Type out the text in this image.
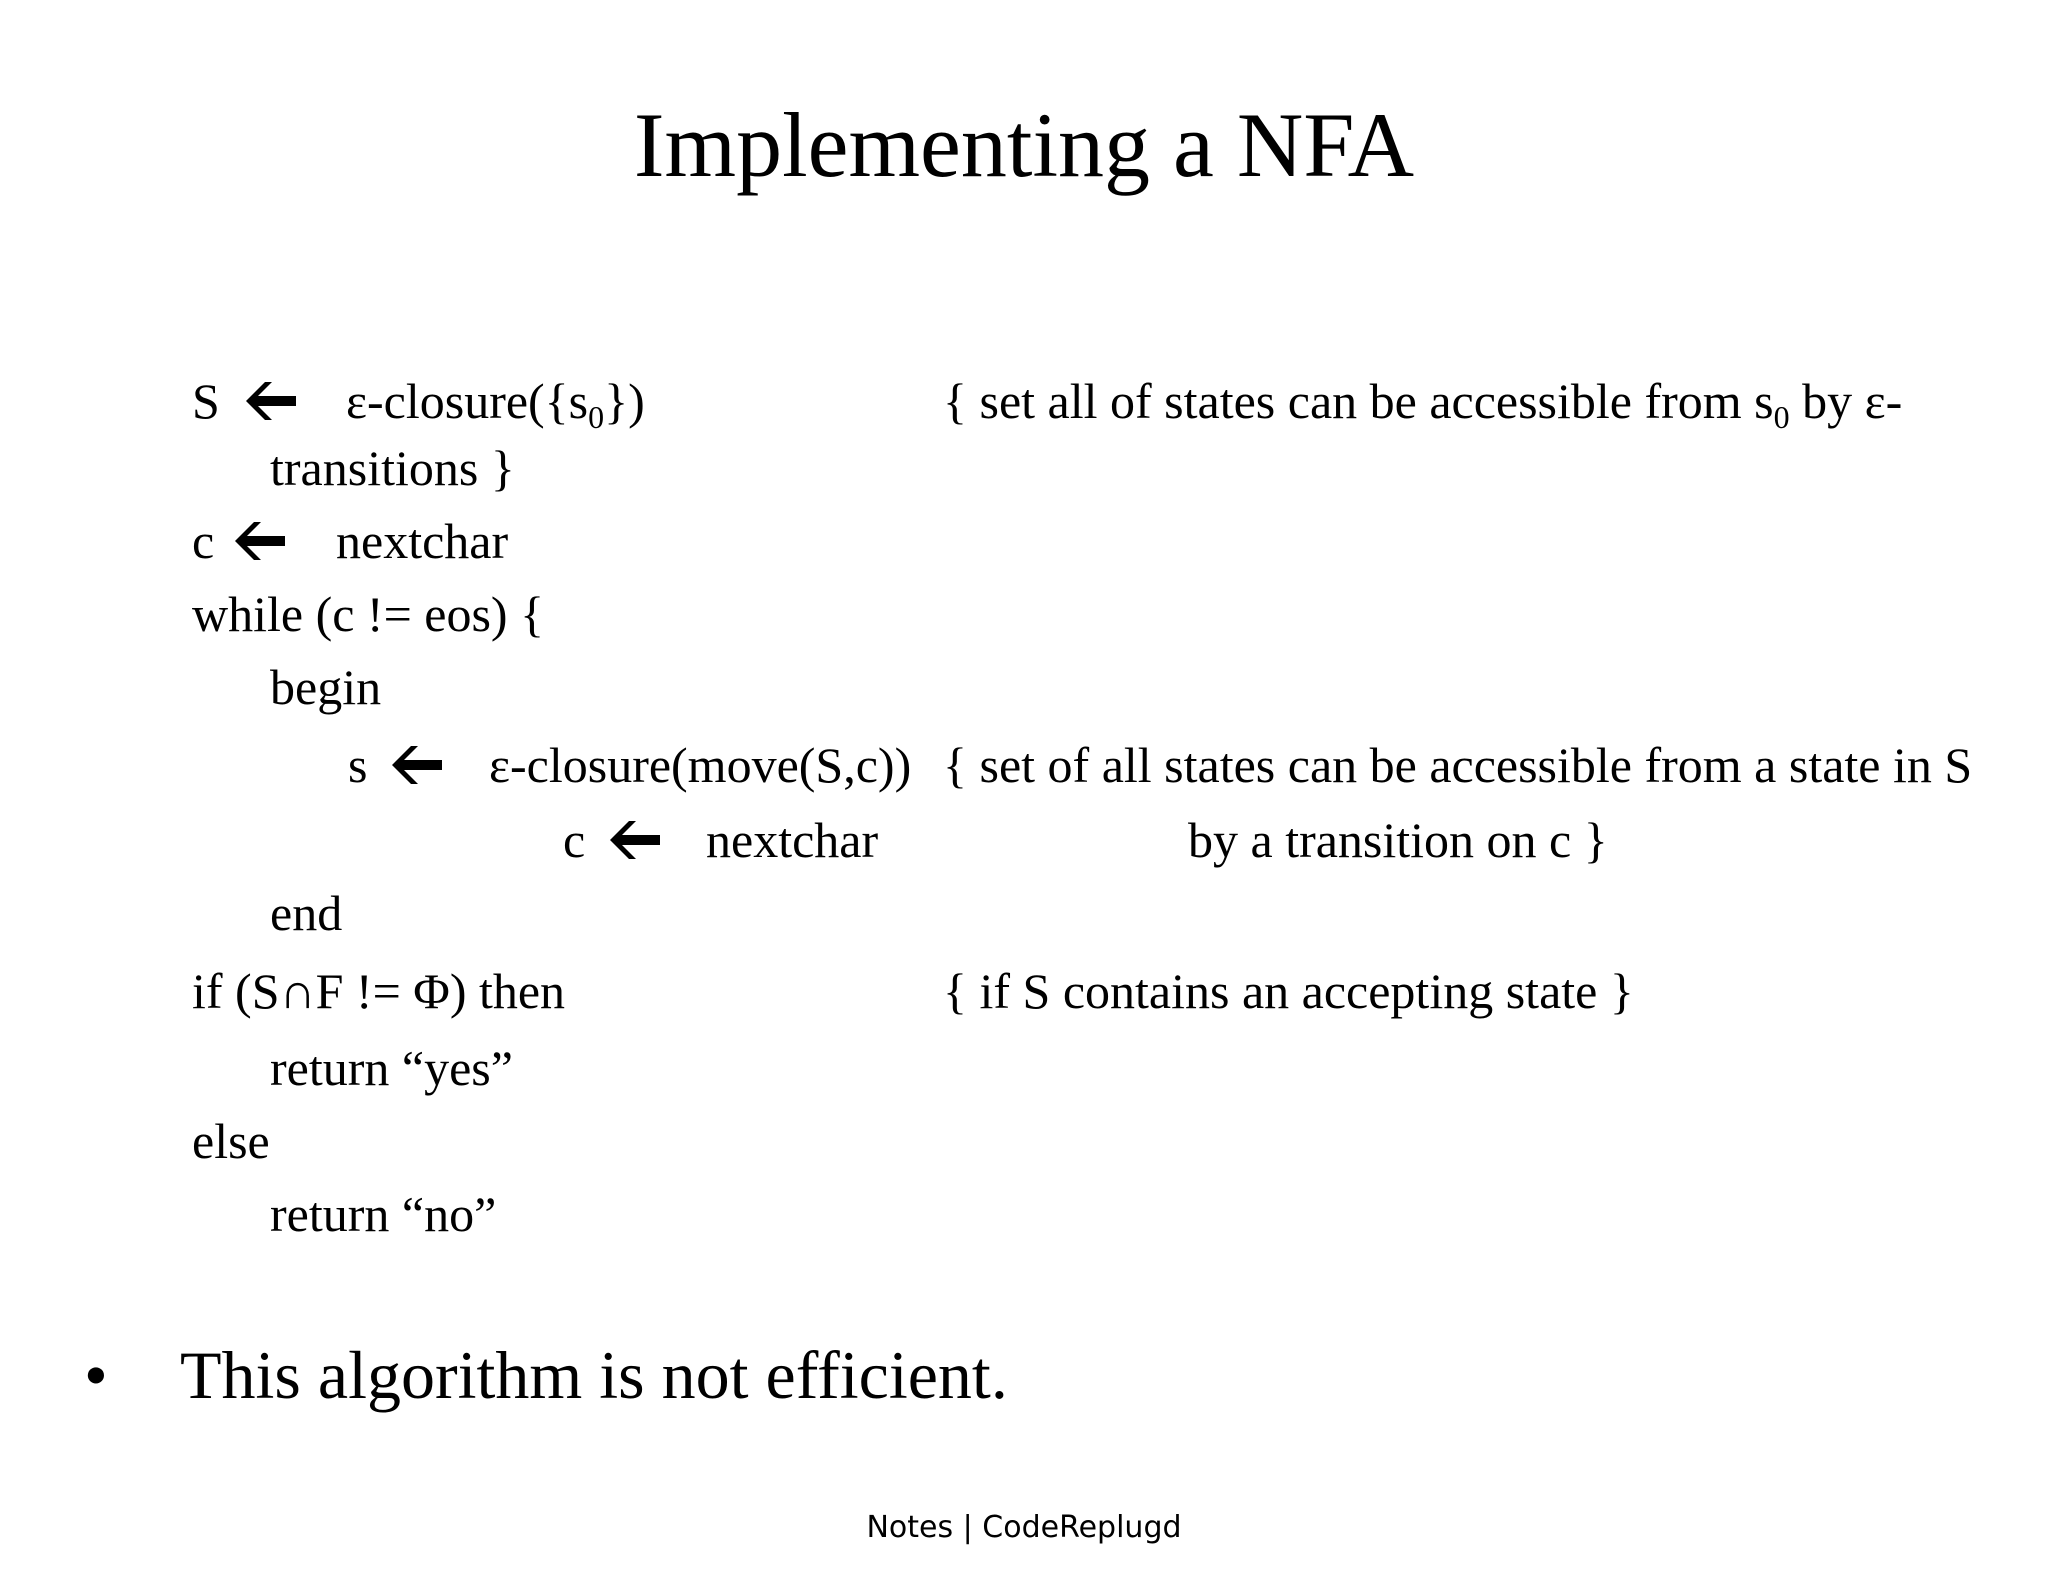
Implementing a NFA
S	$\varepsilon-closure(\{s_0\})$	{ set all of states can be accessible from $s_0$ by ε-
transitions }
c	nextchar
while (c != eos) {
begin
s	ε-closure(move(S,c)) { set of all states can be accessible from a state in S
c	nextchar	by a transition on c }
end
if (S∩F != Φ) then	{ if S contains an accepting state }
return “yes”
else
return “no”
• This algorithm is not efficient.
Notes | CodeReplugd
